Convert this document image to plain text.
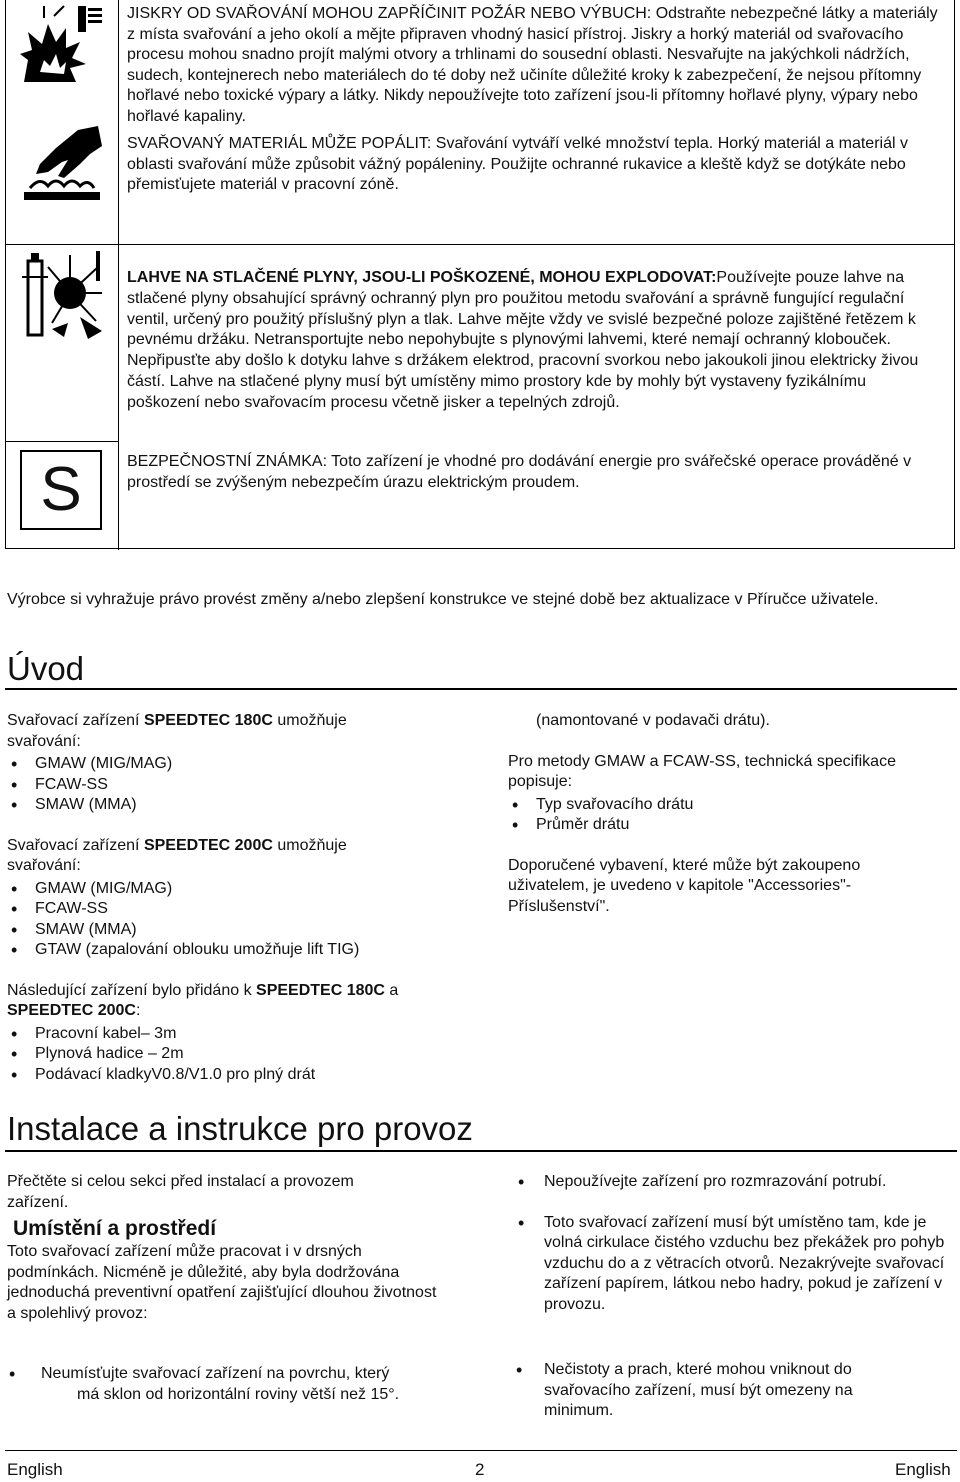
JISKRY OD SVAŘOVÁNÍ MOHOU ZAPŘÍČINIT POŽÁR NEBO VÝBUCH: Odstraňte nebezpečné látky a materiály z místa svařování a jeho okolí a mějte připraven vhodný hasicí přístroj. Jiskry a horký materiál od svařovacího procesu mohou snadno projít malými otvory a trhlinami do sousední oblasti. Nesvařujte na jakýchkoli nádržích, sudech, kontejnerech nebo materiálech do té doby než učiníte důležité kroky k zabezpečení, že nejsou přítomny hořlavé nebo toxické výpary a látky. Nikdy nepoužívejte toto zařízení jsou-li přítomny hořlavé plyny, výpary nebo hořlavé kapaliny.

SVAŘOVANÝ MATERIÁL MŮŽE POPÁLIT: Svařování vytváří velké množství tepla. Horký materiál a materiál v oblasti svařování může způsobit vážný popáleniny. Použijte ochranné rukavice a kleště když se dotýkáte nebo přemisťujete materiál v pracovní zóně.

LAHVE NA STLAČENÉ PLYNY, JSOU-LI POŠKOZENÉ, MOHOU EXPLODOVAT:Používejte pouze lahve na stlačené plyny obsahující správný ochranný plyn pro použitou metodu svařování a správně fungující regulační ventil, určený pro použitý příslušný plyn a tlak. Lahve mějte vždy ve svislé bezpečné poloze zajištěné řetězem k pevnému držáku. Netransportujte nebo nepohybujte s plynovými lahvemi, které nemají ochranný klobouček. Nepřipusťte aby došlo k dotyku lahve s držákem elektrod, pracovní svorkou nebo jakoukoli jinou elektricky živou částí. Lahve na stlačené plyny musí být umístěny mimo prostory kde by mohly být vystaveny fyzikálnímu poškození nebo svařovacím procesu včetně jisker a tepelných zdrojů.

S	BEZPEČNOSTNÍ ZNÁMKA: Toto zařízení je vhodné pro dodávání energie pro svářečské operace prováděné v prostředí se zvýšeným nebezpečím úrazu elektrickým proudem.

Výrobce si vyhražuje právo provést změny a/nebo zlepšení konstrukce ve stejné době bez aktualizace v Příručce uživatele.
Úvod
Svařovací zařízení SPEEDTEC 180C umožňuje svařování:
• GMAW (MIG/MAG)
• FCAW-SS
• SMAW (MMA)
Svařovací zařízení SPEEDTEC 200C umožňuje svařování:
• GMAW (MIG/MAG)
• FCAW-SS
• SMAW (MMA)
• GTAW (zapalování oblouku umožňuje lift TIG)
Následující zařízení bylo přidáno k SPEEDTEC 180C a SPEEDTEC 200C:
• Pracovní kabel– 3m
• Plynová hadice – 2m
• Podávací kladkyV0.8/V1.0 pro plný drát
(namontované v podavači drátu).
Pro metody GMAW a FCAW-SS, technická specifikace popisuje:
• Typ svařovacího drátu
• Průměr drátu
Doporučené vybavení, které může být zakoupeno uživatelem, je uvedeno v kapitole "Accessories"- Příslušenství".
Instalace a instrukce pro provoz
Přečtěte si celou sekci před instalací a provozem zařízení.
Umístění a prostředí
Toto svařovací zařízení může pracovat i v drsných podmínkách. Nicméně je důležité, aby byla dodržována jednoduchá preventivní opatření zajišťující dlouhou životnost a spolehlivý provoz:
• Nepoužívejte zařízení pro rozmrazování potrubí.
• Toto svařovací zařízení musí být umístěno tam, kde je volná cirkulace čistého vzduchu bez překážek pro pohyb vzduchu do a z větracích otvorů. Nezakrývejte svařovací zařízení papírem, látkou nebo hadry, pokud je zařízení v provozu.
•	Neumísťujte svařovací zařízení na povrchu, který
má sklon od horizontální roviny větší než 15°.
•	Nečistoty a prach, které mohou vniknout do svařovacího zařízení, musí být omezeny na minimum.
English	2	English
